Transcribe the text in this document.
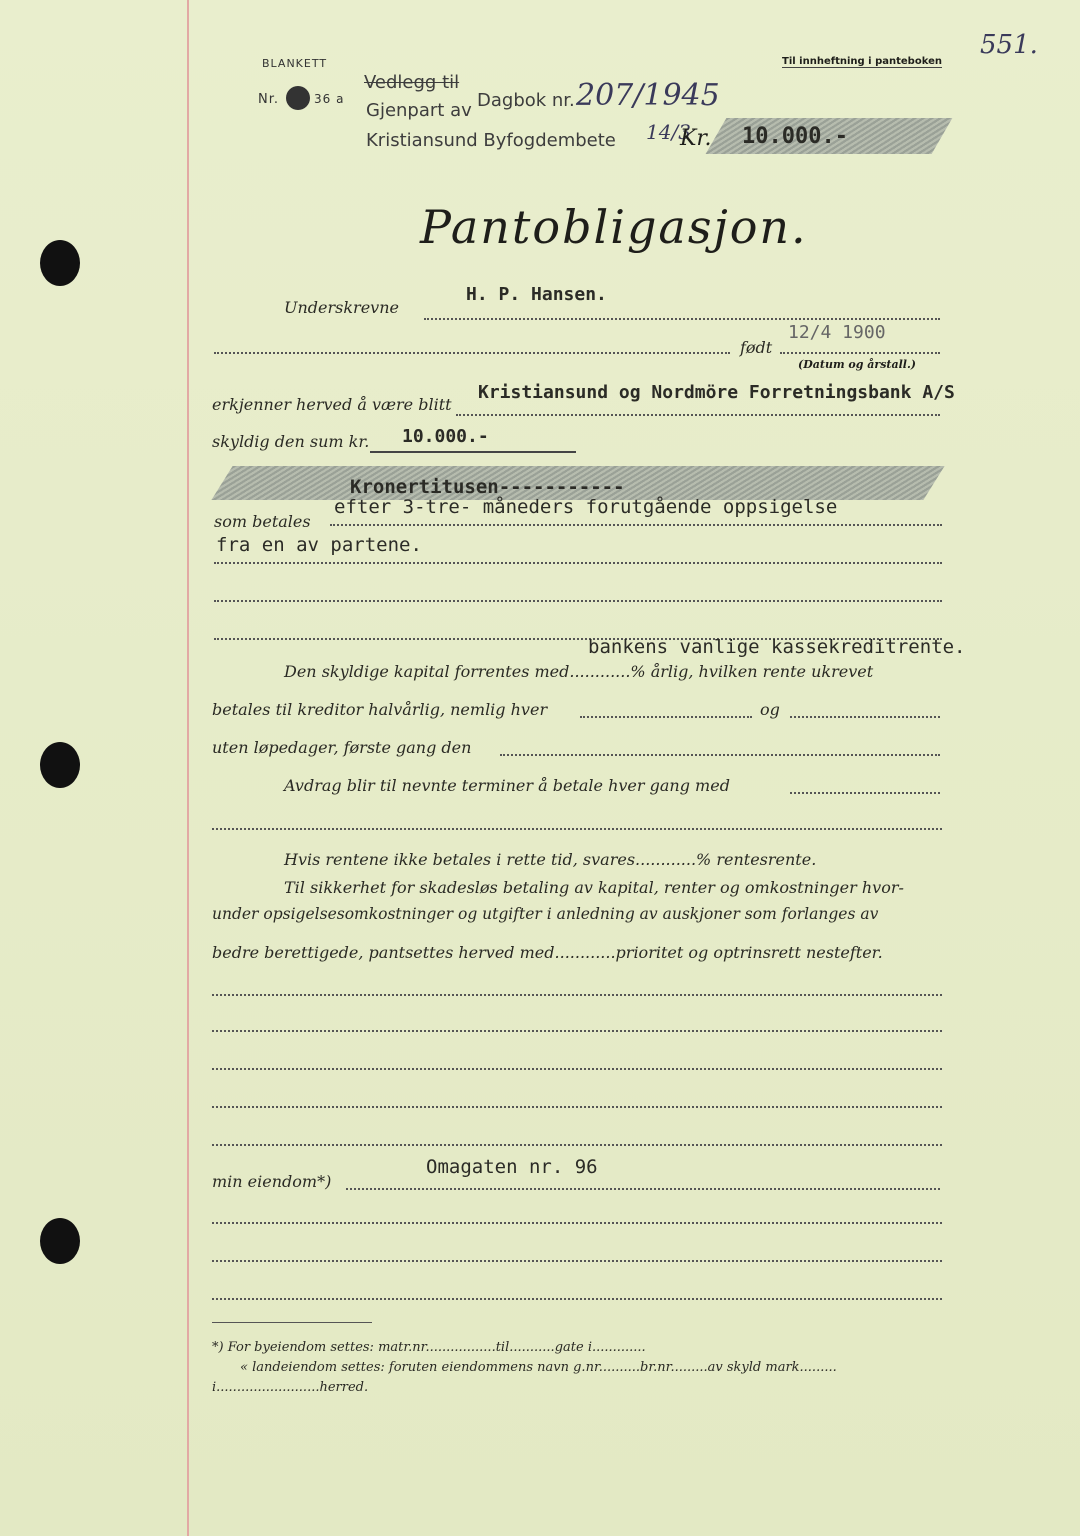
BLANKETT	Til innheftning i panteboken
551.
Nr.	36 a
Vedlegg til
Gjenpart av Dagbok nr. 207/1945
Kristiansund Byfogdembete 14/3
Kr. 10.000.-
Pantobligasjon.
Underskrevne
H. P. Hansen.
født
12/4 1900
(Datum og årstall.)
erkjenner herved å være blitt
Kristiansund og Nordmöre Forretningsbank A/S
skyldig den sum kr. 10.000.-
Kronertitusen-----------
som betales
efter 3-tre- måneders forutgående oppsigelse
fra en av partene.
bankens vanlige kassekreditrente.
Den skyldige kapital forrentes med............% årlig, hvilken rente ukrevet
betales til kreditor halvårlig, nemlig hver	og
uten løpedager, første gang den
Avdrag blir til nevnte terminer å betale hver gang med
Hvis rentene ikke betales i rette tid, svares............% rentesrente.
Til sikkerhet for skadesløs betaling av kapital, renter og omkostninger hvor-
under opsigelsesomkostninger og utgifter i anledning av auskjoner som forlanges av
bedre berettigede, pantsettes herved med............prioritet og optrinsrett nestefter.
Omagaten nr. 96
min eiendom*)
*) For byeiendom settes: matr.nr.................til...........gate i.............
« landeiendom settes: foruten eiendommens navn g.nr..........br.nr.........av skyld mark.........
i.........................herred.
